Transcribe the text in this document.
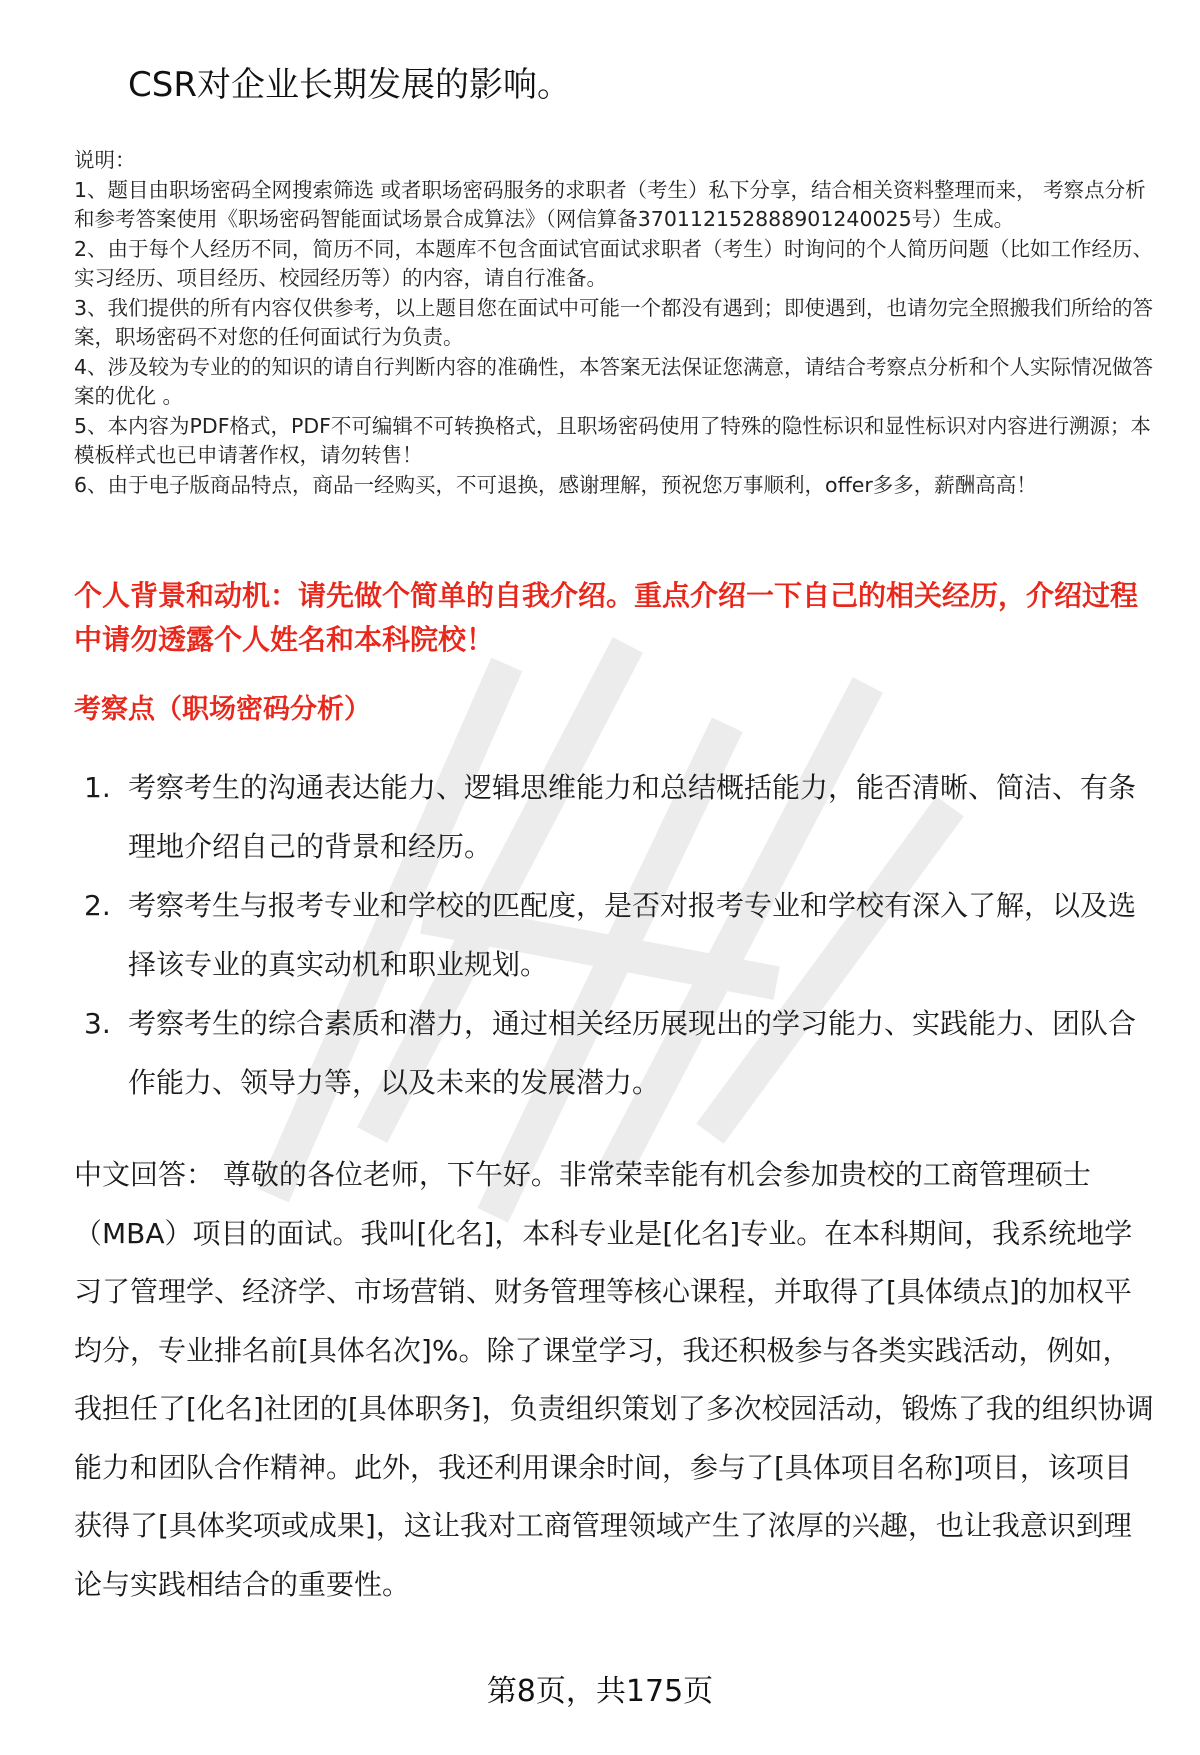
CSR对企业长期发展的影响。

说明：

1、题目由职场密码全网搜索筛选 或者职场密码服务的求职者（考生）私下分享，结合相关资料整理而来， 考察点分析和参考答案使用《职场密码智能面试场景合成算法》（网信算备370112152888901240025号）生成。

2、由于每个人经历不同，简历不同，本题库不包含面试官面试求职者（考生）时询问的个人简历问题（比如工作经历、实习经历、项目经历、校园经历等）的内容，请自行准备。

3、我们提供的所有内容仅供参考，以上题目您在面试中可能一个都没有遇到；即使遇到，也请勿完全照搬我们所给的答案，职场密码不对您的任何面试行为负责。

4、涉及较为专业的的知识的请自行判断内容的准确性，本答案无法保证您满意，请结合考察点分析和个人实际情况做答案的优化 。

5、本内容为PDF格式，PDF不可编辑不可转换格式，且职场密码使用了特殊的隐性标识和显性标识对内容进行溯源；本模板样式也已申请著作权，请勿转售！

6、由于电子版商品特点，商品一经购买，不可退换，感谢理解，预祝您万事顺利，offer多多，薪酬高高！

个人背景和动机：请先做个简单的自我介绍。重点介绍一下自己的相关经历，介绍过程中请勿透露个人姓名和本科院校！

考察点（职场密码分析）

1. 考察考生的沟通表达能力、逻辑思维能力和总结概括能力，能否清晰、简洁、有条理地介绍自己的背景和经历。
2. 考察考生与报考专业和学校的匹配度，是否对报考专业和学校有深入了解，以及选择该专业的真实动机和职业规划。
3. 考察考生的综合素质和潜力，通过相关经历展现出的学习能力、实践能力、团队合作能力、领导力等，以及未来的发展潜力。

中文回答： 尊敬的各位老师，下午好。非常荣幸能有机会参加贵校的工商管理硕士（MBA）项目的面试。我叫[化名]，本科专业是[化名]专业。在本科期间，我系统地学习了管理学、经济学、市场营销、财务管理等核心课程，并取得了[具体绩点]的加权平均分，专业排名前[具体名次]%。除了课堂学习，我还积极参与各类实践活动，例如，我担任了[化名]社团的[具体职务]，负责组织策划了多次校园活动，锻炼了我的组织协调能力和团队合作精神。此外，我还利用课余时间，参与了[具体项目名称]项目，该项目获得了[具体奖项或成果]，这让我对工商管理领域产生了浓厚的兴趣，也让我意识到理论与实践相结合的重要性。

第8页，共175页
